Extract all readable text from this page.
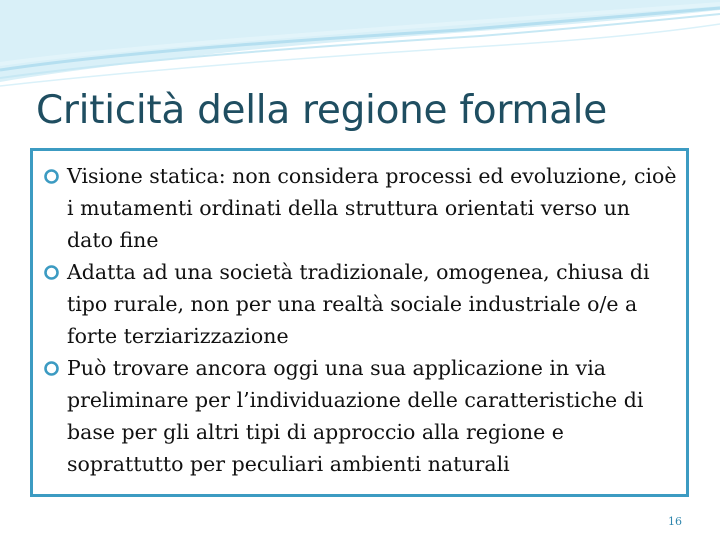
Criticità della regione formale
Visione statica: non considera processi ed evoluzione, cioè i mutamenti ordinati della struttura orientati verso un dato fine
Adatta ad una società tradizionale, omogenea, chiusa di tipo rurale, non per una realtà sociale industriale o/e a forte terziarizzazione
Può trovare ancora oggi una sua applicazione in via preliminare per l’individuazione delle caratteristiche di base per gli altri tipi di approccio alla regione e soprattutto per peculiari ambienti naturali
16
